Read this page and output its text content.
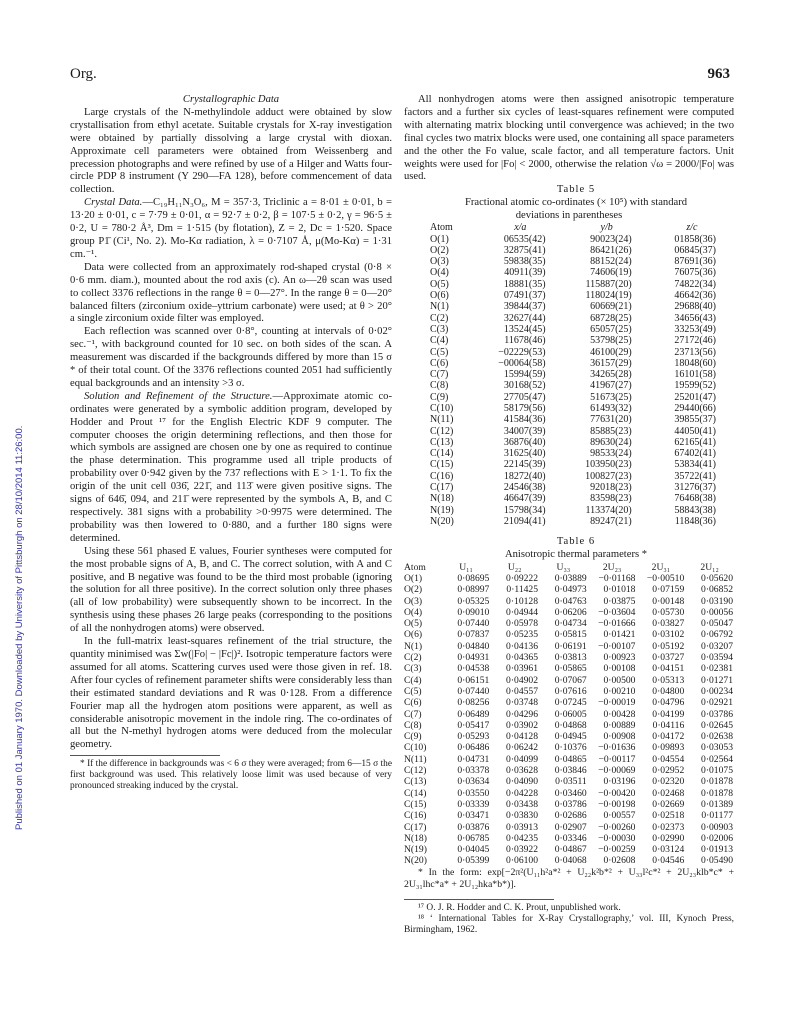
Published on 01 January 1970. Downloaded by University of Pittsburgh on 28/10/2014 11:26:00.
Org.	963

Crystallographic Data

Large crystals of the N-methylindole adduct were obtained by slow crystallisation from ethyl acetate. Suitable crystals for X-ray investigation were obtained by partially dissolving a large crystal with dioxan. Approximate cell parameters were obtained from Weissenberg and precession photographs and were refined by use of a Hilger and Watts four-circle PDP 8 instrument (Y 290—FA 128), before commencement of data collection.

Crystal Data.—C₁₉H₁₁N₃O₆, M = 357·3, Triclinic a = 8·01 ± 0·01, b = 13·20 ± 0·01, c = 7·79 ± 0·01, α = 92·7 ± 0·2, β = 107·5 ± 0·2, γ = 96·5 ± 0·2, U = 780·2 Å³, Dm = 1·515 (by flotation), Z = 2, Dc = 1·520. Space group P1̄ (Ci¹, No. 2). Mo-Kα radiation, λ = 0·7107 Å, μ(Mo-Kα) = 1·31 cm.⁻¹.

Data were collected from an approximately rod-shaped crystal (0·8 × 0·6 mm. diam.), mounted about the rod axis (c). An ω—2θ scan was used to collect 3376 reflections in the range θ = 0—27°. In the range θ = 0—20° balanced filters (zirconium oxide–yttrium carbonate) were used; at θ > 20° a single zirconium oxide filter was employed.

Each reflection was scanned over 0·8°, counting at intervals of 0·02° sec.⁻¹, with background counted for 10 sec. on both sides of the scan. A measurement was discarded if the backgrounds differed by more than 15 σ * of their total count. Of the 3376 reflections counted 2051 had sufficiently equal backgrounds and an intensity >3 σ.

Solution and Refinement of the Structure.—Approximate atomic co-ordinates were generated by a symbolic addition program, developed by Hodder and Prout ¹⁷ for the English Electric KDF 9 computer. The computer chooses the origin determining reflections, and then those for which symbols are assigned are chosen one by one as required to continue the phase determination. This programme used all triple products of probability over 0·942 given by the 737 reflections with E > 1·1. To fix the origin of the unit cell 036̄, 221̄, and 113̄ were given positive signs. The signs of 646̄, 094, and 211̄ were represented by the symbols A, B, and C respectively. 381 signs with a probability >0·9975 were determined. The probability was then lowered to 0·880, and a further 180 signs were determined.

Using these 561 phased E values, Fourier syntheses were computed for the most probable signs of A, B, and C. The correct solution, with A and C positive, and B negative was found to be the third most probable (ignoring the solution for all three positive). In the correct solution only three phases (all of low probability) were subsequently shown to be incorrect. In the synthesis using these phases 26 large peaks (corresponding to the positions of all the nonhydrogen atoms) were observed.

In the full-matrix least-squares refinement of the trial structure, the quantity minimised was Σw(|Fo| − |Fc|)². Isotropic temperature factors were assumed for all atoms. Scattering curves used were those given in ref. 18. After four cycles of refinement parameter shifts were considerably less than their estimated standard deviations and R was 0·128. From a difference Fourier map all the hydrogen atom positions were apparent, as well as considerable anisotropic movement in the indole ring. The co-ordinates of all but the N-methyl hydrogen atoms were deduced from the molecular geometry.

* If the difference in backgrounds was < 6 σ they were averaged; from 6—15 σ the first background was used. This relatively loose limit was used because of very pronounced streaking induced by the crystal.

All nonhydrogen atoms were then assigned anisotropic temperature factors and a further six cycles of least-squares refinement were computed with alternating matrix blocking until convergence was achieved; in the two final cycles two matrix blocks were used, one containing all space parameters and the other the Fo value, scale factor, and all temperature factors. Unit weights were used for |Fo| < 2000, otherwise the relation √ω = 2000/|Fo| was used.

Table 5

Fractional atomic co-ordinates (× 10⁵) with standard deviations in parentheses

Atom	x/a	y/b	z/c
O(1)	06535(42)	90023(24)	01858(36)
O(2)	32875(41)	86421(26)	06845(37)
O(3)	59838(35)	88152(24)	87691(36)
O(4)	40911(39)	74606(19)	76075(36)
O(5)	18881(35)	115887(20)	74822(34)
O(6)	07491(37)	118024(19)	46642(36)
N(1)	39844(37)	60669(21)	29688(40)
C(2)	32627(44)	68728(25)	34656(43)
C(3)	13524(45)	65057(25)	33253(49)
C(4)	11678(46)	53798(25)	27172(46)
C(5)	−02229(53)	46100(29)	23713(56)
C(6)	−00064(58)	36157(29)	18048(60)
C(7)	15994(59)	34265(28)	16101(58)
C(8)	30168(52)	41967(27)	19599(52)
C(9)	27705(47)	51673(25)	25201(47)
C(10)	58179(56)	61493(32)	29440(66)
N(11)	41584(36)	77631(20)	39855(37)
C(12)	34007(39)	85885(23)	44050(41)
C(13)	36876(40)	89630(24)	62165(41)
C(14)	31625(40)	98533(24)	67402(41)
C(15)	22145(39)	103950(23)	53834(41)
C(16)	18272(40)	100827(23)	35722(41)
C(17)	24546(38)	92018(23)	31276(37)
N(18)	46647(39)	83598(23)	76468(38)
N(19)	15798(34)	113374(20)	58843(38)
N(20)	21094(41)	89247(21)	11848(36)

Table 6

Anisotropic thermal parameters *

Atom	U₁₁	U₂₂	U₃₃	2U₂₃	2U₃₁	2U₁₂
O(1)	0·08695	0·09222	0·03889	−0·01168	−0·00510	0·05620
O(2)	0·08997	0·11425	0·04973	0·01018	0·07159	0·06852
O(3)	0·05325	0·10128	0·04763	0·03875	0·00148	0·03190
O(4)	0·09010	0·04944	0·06206	−0·03604	0·05730	0·00056
O(5)	0·07440	0·05978	0·04734	−0·01666	0·03827	0·05047
O(6)	0·07837	0·05235	0·05815	0·01421	0·03102	0·06792
N(1)	0·04840	0·04136	0·06191	−0·00107	0·05192	0·03207
C(2)	0·04931	0·04365	0·03813	0·00923	0·03727	0·03594
C(3)	0·04538	0·03961	0·05865	0·00108	0·04151	0·02381
C(4)	0·06151	0·04902	0·07067	0·00500	0·05313	0·01271
C(5)	0·07440	0·04557	0·07616	0·00210	0·04800	0·00234
C(6)	0·08256	0·03748	0·07245	−0·00019	0·04796	0·02921
C(7)	0·06489	0·04296	0·06005	0·00428	0·04199	0·03786
C(8)	0·05417	0·03902	0·04868	0·00889	0·04116	0·02645
C(9)	0·05293	0·04128	0·04945	0·00908	0·04172	0·02638
C(10)	0·06486	0·06242	0·10376	−0·01636	0·09893	0·03053
N(11)	0·04731	0·04099	0·04865	−0·00117	0·04554	0·02564
C(12)	0·03378	0·03628	0·03846	−0·00069	0·02952	0·01075
C(13)	0·03634	0·04090	0·03511	0·03196	0·02320	0·01878
C(14)	0·03550	0·04228	0·03460	−0·00420	0·02468	0·01878
C(15)	0·03339	0·03438	0·03786	−0·00198	0·02669	0·01389
C(16)	0·03471	0·03830	0·02686	0·00557	0·02518	0·01177
C(17)	0·03876	0·03913	0·02907	−0·00260	0·02373	0·00903
N(18)	0·06785	0·04235	0·03346	−0·00030	0·02990	0·02006
N(19)	0·04045	0·03922	0·04867	−0·00259	0·03124	0·01913
N(20)	0·05399	0·06100	0·04068	0·02608	0·04546	0·05490

* In the form: exp[−2π²(U₁₁h²a*² + U₂₂k²b*² + U₃₃l²c*² + 2U₂₃klb*c* + 2U₃₁lhc*a* + 2U₁₂hka*b*)].

¹⁷ O. J. R. Hodder and C. K. Prout, unpublished work.

¹⁸ ‘ International Tables for X-Ray Crystallography,’ vol. III, Kynoch Press, Birmingham, 1962.
